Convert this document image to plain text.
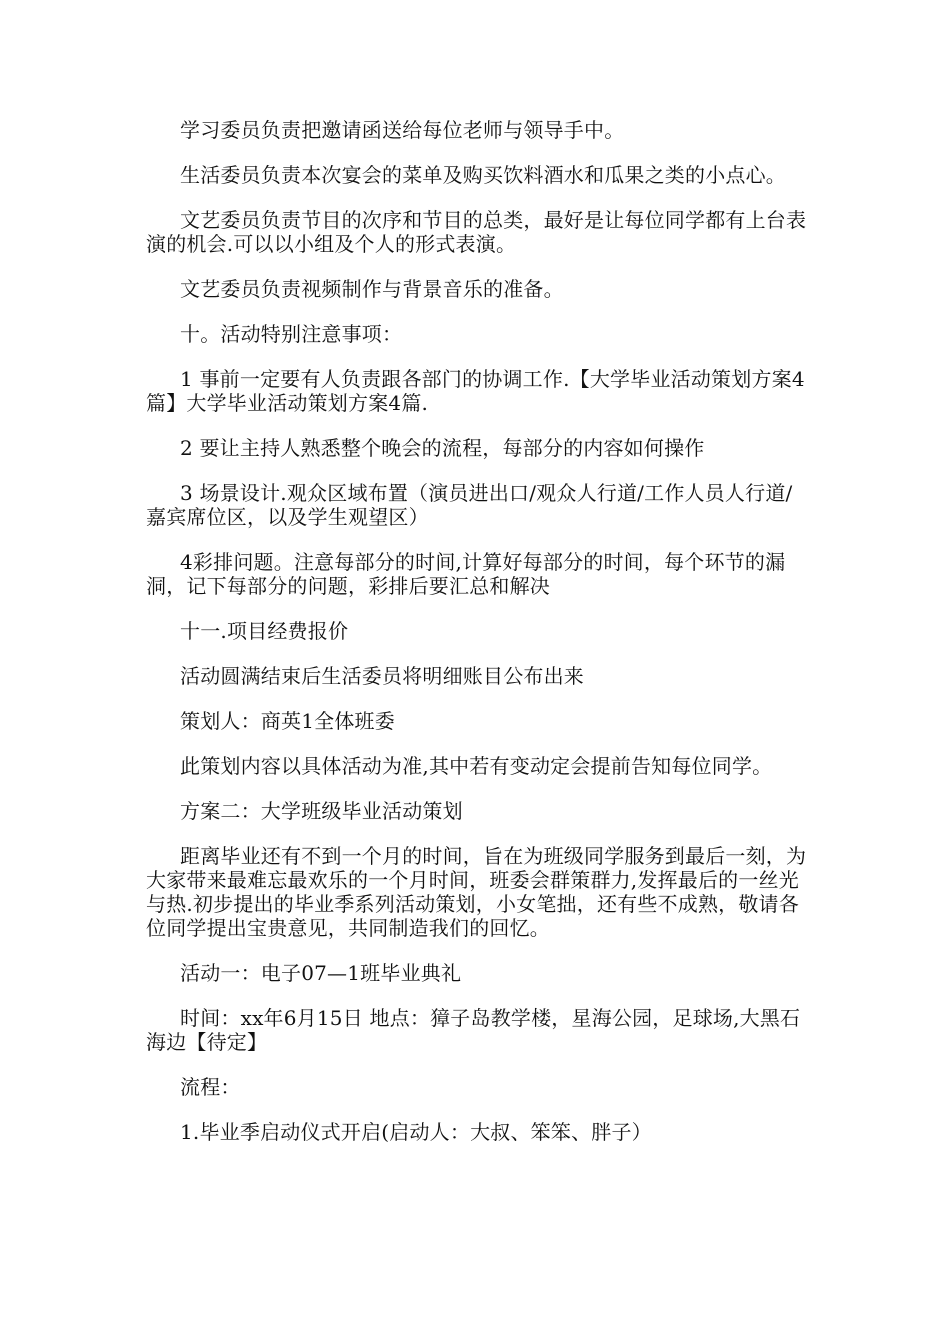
学习委员负责把邀请函送给每位老师与领导手中。

生活委员负责本次宴会的菜单及购买饮料酒水和瓜果之类的小点心。

文艺委员负责节目的次序和节目的总类，最好是让每位同学都有上台表演的机会.可以以小组及个人的形式表演。

文艺委员负责视频制作与背景音乐的准备。

十。活动特别注意事项：

1 事前一定要有人负责跟各部门的协调工作.【大学毕业活动策划方案4篇】大学毕业活动策划方案4篇.

2 要让主持人熟悉整个晚会的流程，每部分的内容如何操作

3 场景设计.观众区域布置（演员进出口/观众人行道/工作人员人行道/嘉宾席位区，以及学生观望区）

4彩排问题。注意每部分的时间,计算好每部分的时间，每个环节的漏洞，记下每部分的问题，彩排后要汇总和解决

十一.项目经费报价

活动圆满结束后生活委员将明细账目公布出来

策划人：商英1全体班委

此策划内容以具体活动为准,其中若有变动定会提前告知每位同学。

方案二：大学班级毕业活动策划

距离毕业还有不到一个月的时间，旨在为班级同学服务到最后一刻，为大家带来最难忘最欢乐的一个月时间，班委会群策群力,发挥最后的一丝光与热.初步提出的毕业季系列活动策划，小女笔拙，还有些不成熟，敬请各位同学提出宝贵意见，共同制造我们的回忆。

活动一：电子07—1班毕业典礼

时间：xx年6月15日 地点：獐子岛教学楼，星海公园，足球场,大黑石海边【待定】

流程：

1.毕业季启动仪式开启(启动人：大叔、笨笨、胖子）
